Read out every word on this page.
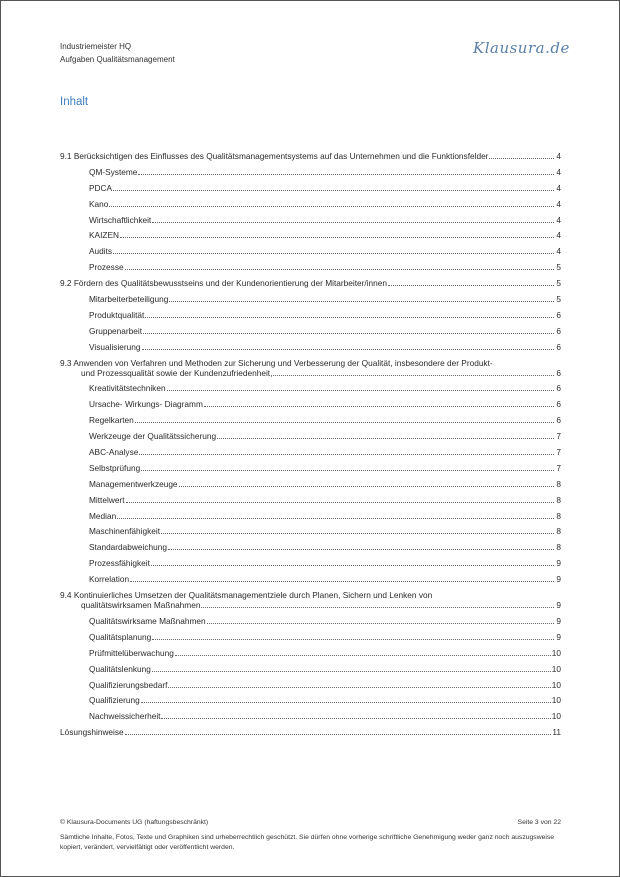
Industriemeister HQ
Aufgaben Qualitätsmanagement
Klausura.de
Inhalt
9.1 Berücksichtigen des Einflusses des Qualitätsmanagementsystems auf das Unternehmen und die Funktionsfelder	4
QM-Systeme	4
PDCA	4
Kano	4
Wirtschaftlichkeit	4
KAIZEN	4
Audits	4
Prozesse	5
9.2 Fördern des Qualitätsbewusstseins und der Kundenorientierung der Mitarbeiter/innen	5
Mitarbeiterbeteiligung	5
Produktqualität	6
Gruppenarbeit	6
Visualisierung	6
9.3 Anwenden von Verfahren und Methoden zur Sicherung und Verbesserung der Qualität, insbesondere der Produkt-
und Prozessqualität sowie der Kundenzufriedenheit,	6
Kreativitätstechniken	6
Ursache- Wirkungs- Diagramm	6
Regelkarten	6
Werkzeuge der Qualitätssicherung	7
ABC-Analyse	7
Selbstprüfung	7
Managementwerkzeuge	8
Mittelwert	8
Median	8
Maschinenfähigkeit	8
Standardabweichung	8
Prozessfähigkeit	9
Korrelation	9
9.4 Kontinuierliches Umsetzen der Qualitätsmanagementziele durch Planen, Sichern und Lenken von
qualitätswirksamen Maßnahmen	9
Qualitätswirksame Maßnahmen	9
Qualitätsplanung	9
Prüfmittelüberwachung	10
Qualitätslenkung	10
Qualifizierungsbedarf	10
Qualifizierung	10
Nachweissicherheit	10
Lösungshinweise	11
© Klausura-Documents UG (haftungsbeschränkt)	Seite 3 von 22
Sämtliche Inhalte, Fotos, Texte und Graphiken sind urheberrechtlich geschützt. Sie dürfen ohne vorherige schriftliche Genehmigung weder ganz noch auszugsweise kopiert, verändert, vervielfältigt oder veröffentlicht werden.
